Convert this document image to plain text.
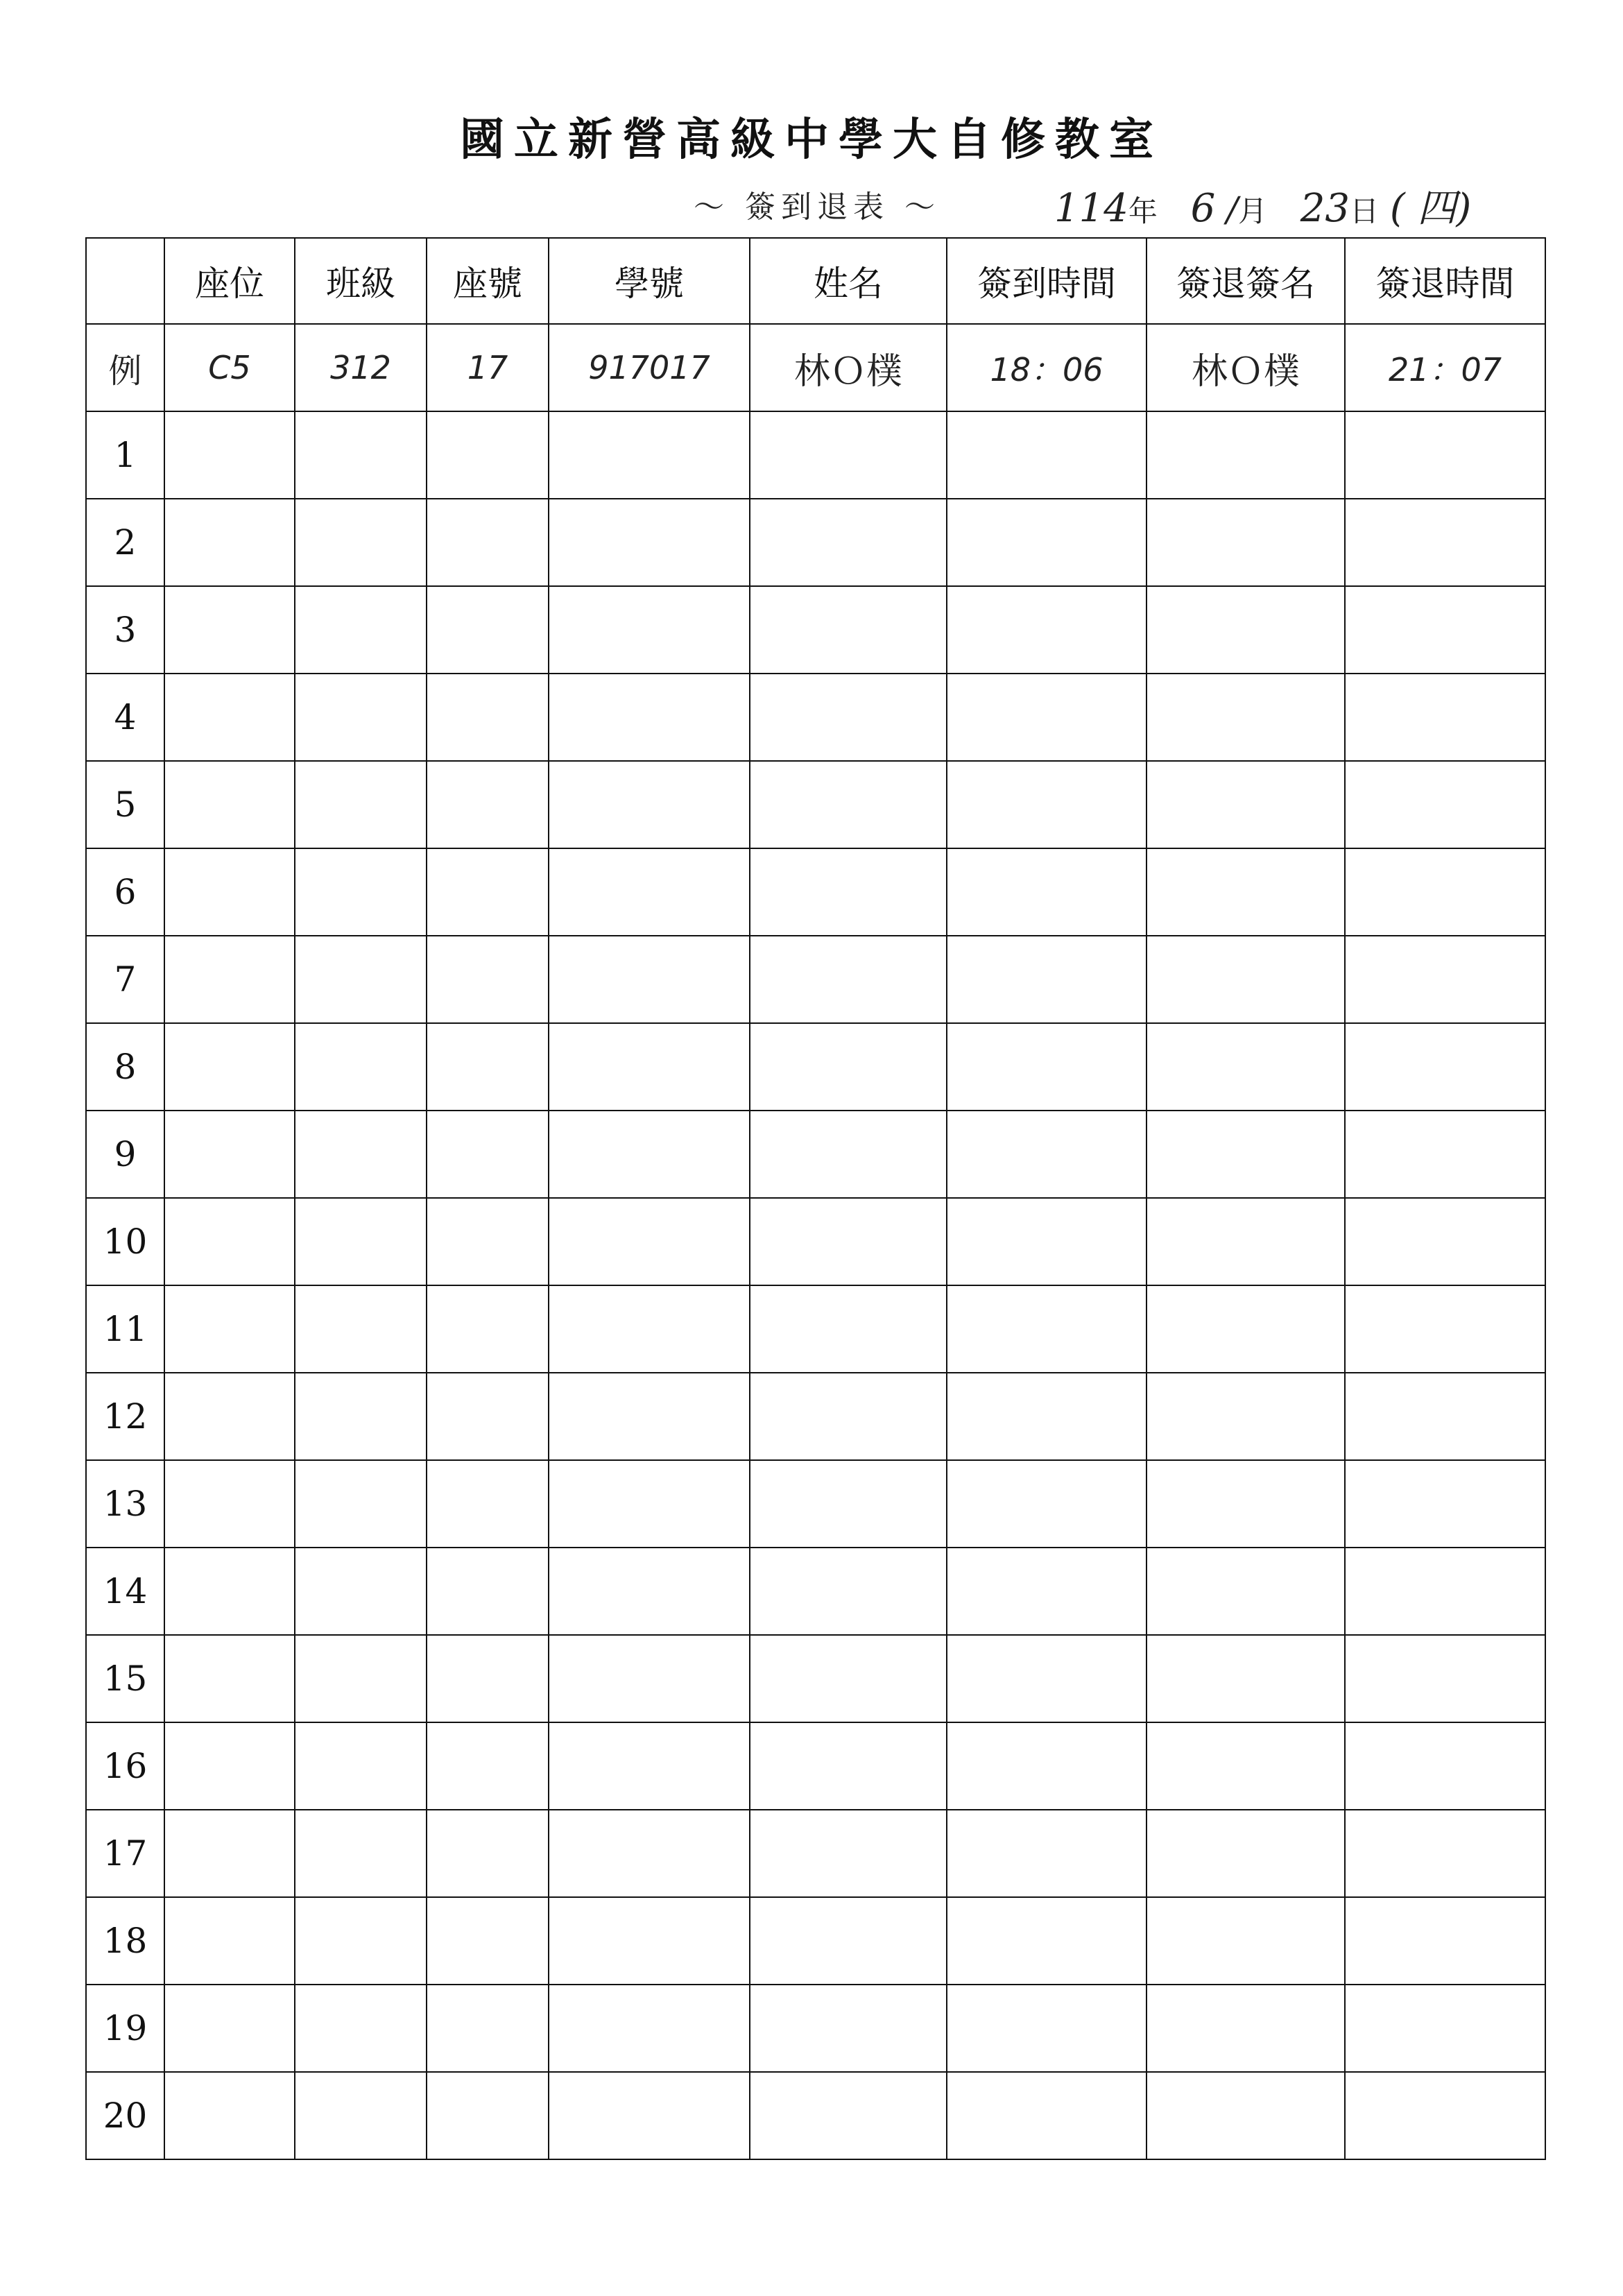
國立新營高級中學大自修教室
～ 簽到退表 ～	114年 6 /月 23日 ( 四)
	座位	班級	座號	學號	姓名	簽到時間	簽退簽名	簽退時間
例	C5	312	17	917017	林Ｏ樸	18：06	林Ｏ樸	21：07
1								
2								
3								
4								
5								
6								
7								
8								
9								
10								
11								
12								
13								
14								
15								
16								
17								
18								
19								
20								
